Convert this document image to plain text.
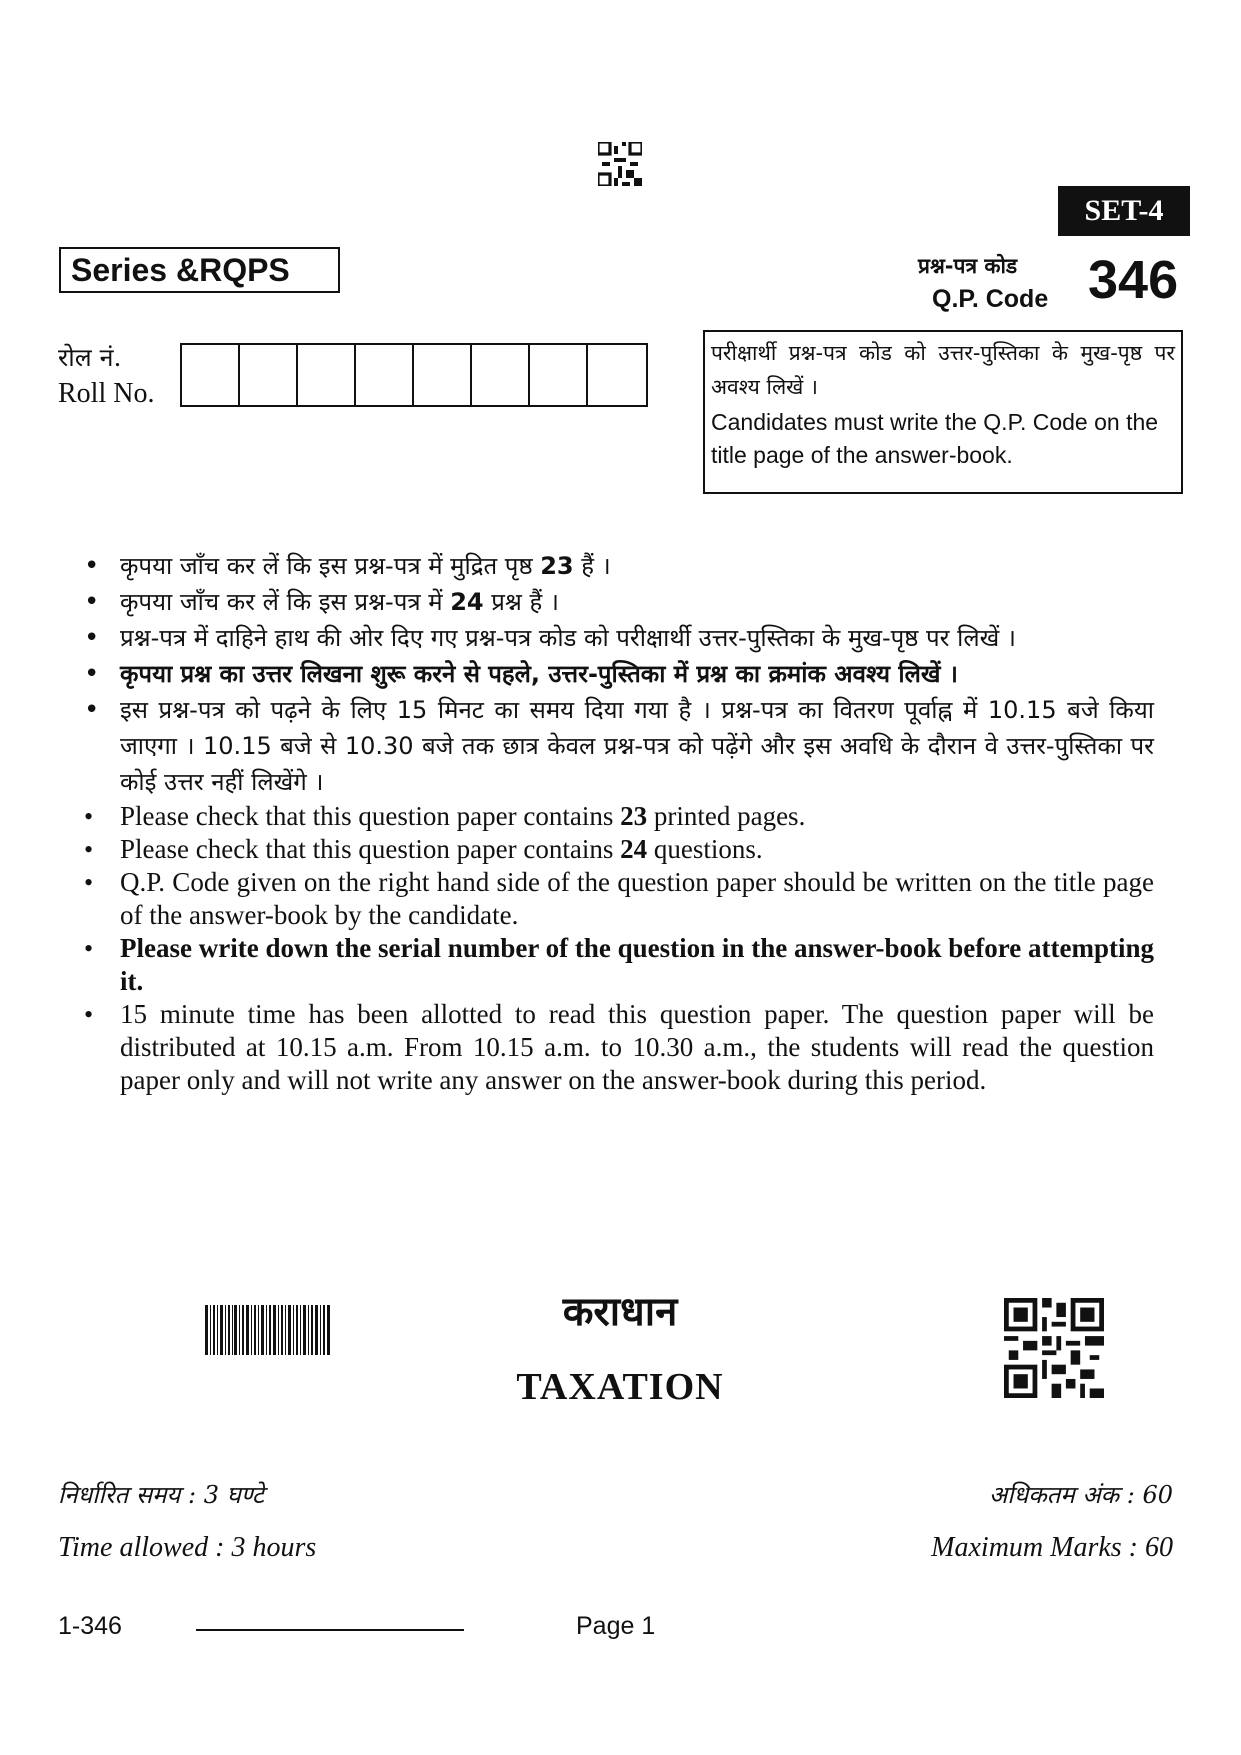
SET-4
Series &RQPS	प्रश्न-पत्र कोड
Q.P. Code 346
रोल नं.
Roll No.
परीक्षार्थी प्रश्न-पत्र कोड को उत्तर-पुस्तिका के मुख-पृष्ठ पर अवश्य लिखें ।
Candidates must write the Q.P. Code on the title page of the answer-book.
• कृपया जाँच कर लें कि इस प्रश्न-पत्र में मुद्रित पृष्ठ 23 हैं ।
• कृपया जाँच कर लें कि इस प्रश्न-पत्र में 24 प्रश्न हैं ।
• प्रश्न-पत्र में दाहिने हाथ की ओर दिए गए प्रश्न-पत्र कोड को परीक्षार्थी उत्तर-पुस्तिका के मुख-पृष्ठ पर लिखें ।
• कृपया प्रश्न का उत्तर लिखना शुरू करने से पहले, उत्तर-पुस्तिका में प्रश्न का क्रमांक अवश्य लिखें ।
• इस प्रश्न-पत्र को पढ़ने के लिए 15 मिनट का समय दिया गया है । प्रश्न-पत्र का वितरण पूर्वाह्न में 10.15 बजे किया जाएगा । 10.15 बजे से 10.30 बजे तक छात्र केवल प्रश्न-पत्र को पढ़ेंगे और इस अवधि के दौरान वे उत्तर-पुस्तिका पर कोई उत्तर नहीं लिखेंगे ।
• Please check that this question paper contains 23 printed pages.
• Please check that this question paper contains 24 questions.
• Q.P. Code given on the right hand side of the question paper should be written on the title page of the answer-book by the candidate.
• Please write down the serial number of the question in the answer-book before attempting it.
• 15 minute time has been allotted to read this question paper. The question paper will be distributed at 10.15 a.m. From 10.15 a.m. to 10.30 a.m., the students will read the question paper only and will not write any answer on the answer-book during this period.
कराधान
TAXATION
निर्धारित समय : 3 घण्टे
Time allowed : 3 hours
अधिकतम अंक : 60
Maximum Marks : 60
1-346	Page 1
